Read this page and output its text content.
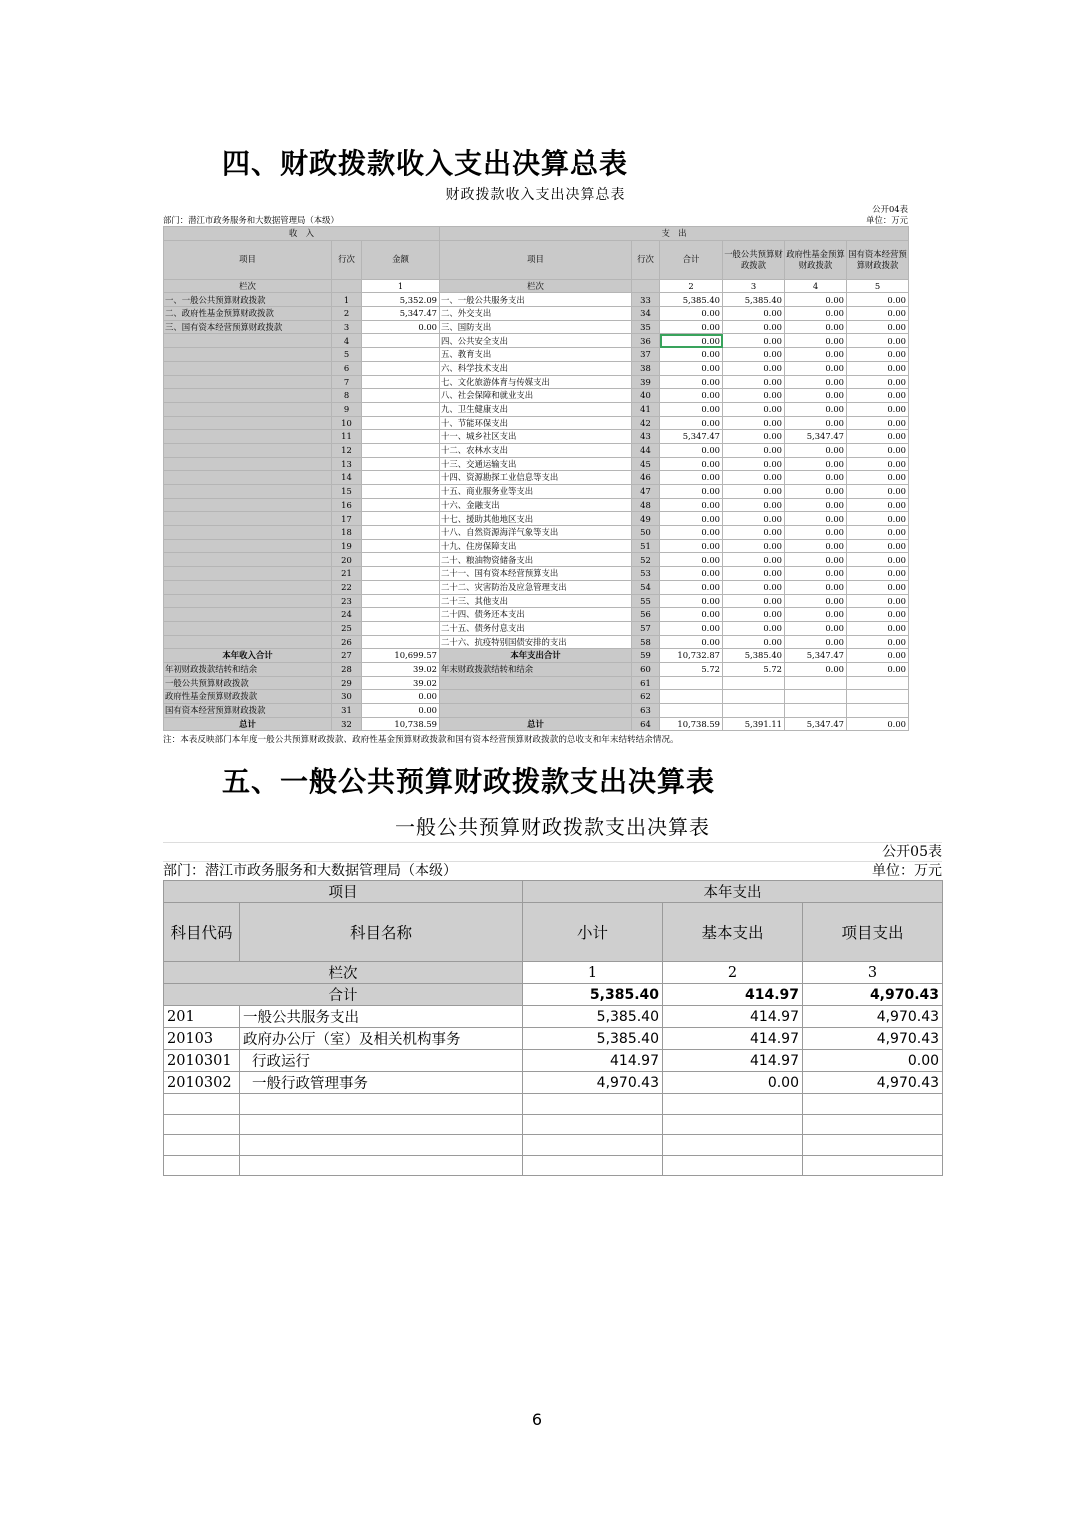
四、财政拨款收入支出决算总表
财政拨款收入支出决算总表
公开04表
部门：潜江市政务服务和大数据管理局（本级）	单位：万元
收　入			支　出					
项目	行次	金额	项目	行次	合计	一般公共预算财政拨款	政府性基金预算财政拨款	国有资本经营预算财政拨款
栏次		1	栏次		2	3	4	5
一、一般公共预算财政拨款	1	5,352.09	一、一般公共服务支出	33	5,385.40	5,385.40	0.00	0.00
二、政府性基金预算财政拨款	2	5,347.47	二、外交支出	34	0.00	0.00	0.00	0.00
三、国有资本经营预算财政拨款	3	0.00	三、国防支出	35	0.00	0.00	0.00	0.00
	4		四、公共安全支出	36	0.00	0.00	0.00	0.00
	5		五、教育支出	37	0.00	0.00	0.00	0.00
	6		六、科学技术支出	38	0.00	0.00	0.00	0.00
	7		七、文化旅游体育与传媒支出	39	0.00	0.00	0.00	0.00
	8		八、社会保障和就业支出	40	0.00	0.00	0.00	0.00
	9		九、卫生健康支出	41	0.00	0.00	0.00	0.00
	10		十、节能环保支出	42	0.00	0.00	0.00	0.00
	11		十一、城乡社区支出	43	5,347.47	0.00	5,347.47	0.00
	12		十二、农林水支出	44	0.00	0.00	0.00	0.00
	13		十三、交通运输支出	45	0.00	0.00	0.00	0.00
	14		十四、资源勘探工业信息等支出	46	0.00	0.00	0.00	0.00
	15		十五、商业服务业等支出	47	0.00	0.00	0.00	0.00
	16		十六、金融支出	48	0.00	0.00	0.00	0.00
	17		十七、援助其他地区支出	49	0.00	0.00	0.00	0.00
	18		十八、自然资源海洋气象等支出	50	0.00	0.00	0.00	0.00
	19		十九、住房保障支出	51	0.00	0.00	0.00	0.00
	20		二十、粮油物资储备支出	52	0.00	0.00	0.00	0.00
	21		二十一、国有资本经营预算支出	53	0.00	0.00	0.00	0.00
	22		二十二、灾害防治及应急管理支出	54	0.00	0.00	0.00	0.00
	23		二十三、其他支出	55	0.00	0.00	0.00	0.00
	24		二十四、债务还本支出	56	0.00	0.00	0.00	0.00
	25		二十五、债务付息支出	57	0.00	0.00	0.00	0.00
	26		二十六、抗疫特别国债安排的支出	58	0.00	0.00	0.00	0.00
本年收入合计	27	10,699.57	本年支出合计	59	10,732.87	5,385.40	5,347.47	0.00
年初财政拨款结转和结余	28	39.02	年末财政拨款结转和结余	60	5.72	5.72	0.00	0.00
一般公共预算财政拨款	29	39.02		61				
政府性基金预算财政拨款	30	0.00		62				
国有资本经营预算财政拨款	31	0.00		63				
总计	32	10,738.59	总计	64	10,738.59	5,391.11	5,347.47	0.00
注：本表反映部门本年度一般公共预算财政拨款、政府性基金预算财政拨款和国有资本经营预算财政拨款的总收支和年末结转结余情况。
五、一般公共预算财政拨款支出决算表
一般公共预算财政拨款支出决算表
公开05表
部门：潜江市政务服务和大数据管理局（本级）	单位：万元
项目		本年支出		
科目代码	科目名称	小计	基本支出	项目支出
栏次		1	2	3
合计		5,385.40	414.97	4,970.43
201	一般公共服务支出	5,385.40	414.97	4,970.43
20103	政府办公厅（室）及相关机构事务	5,385.40	414.97	4,970.43
2010301	行政运行	414.97	414.97	0.00
2010302	一般行政管理事务	4,970.43	0.00	4,970.43

6
